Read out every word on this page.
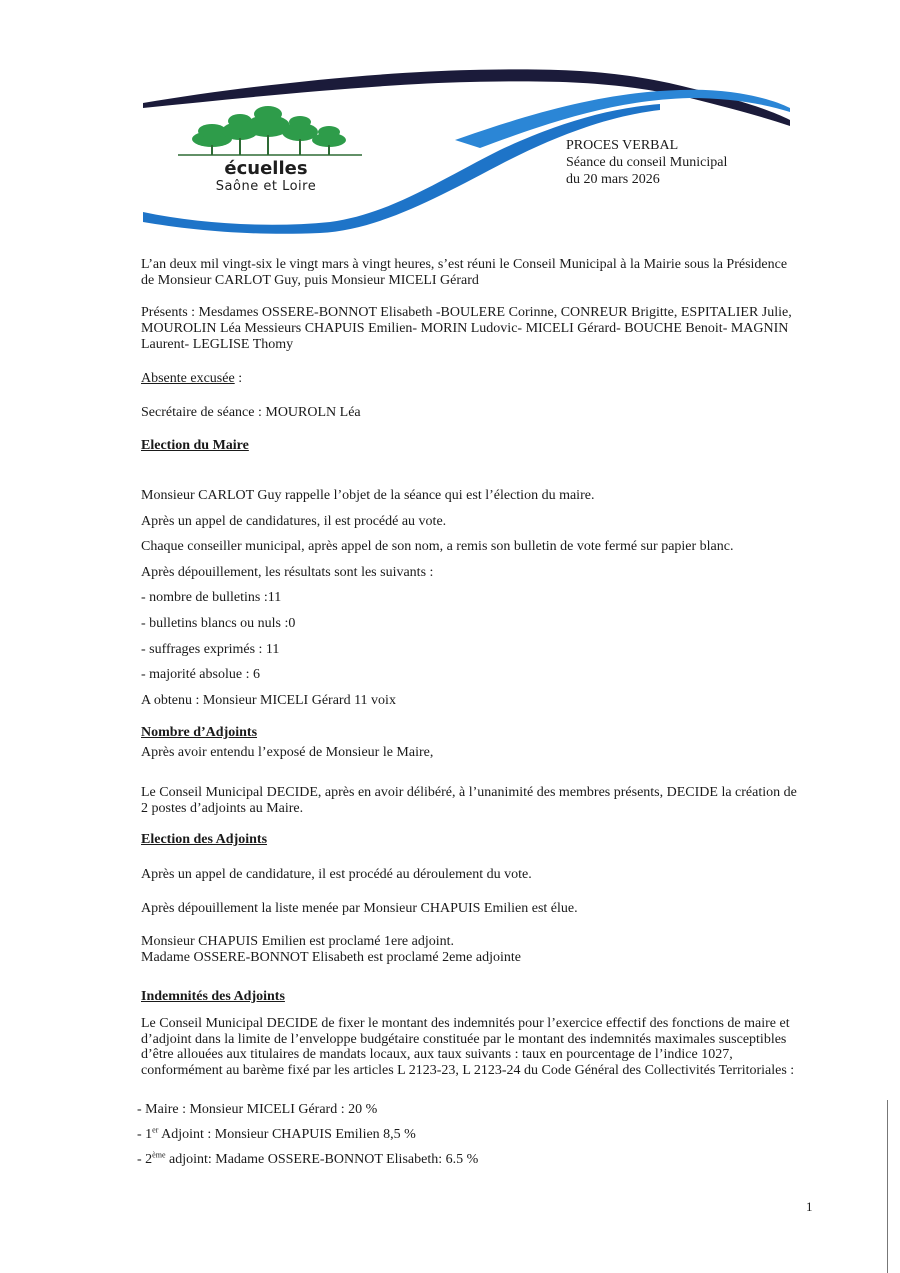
écuelles
Saône et Loire
PROCES VERBAL
Séance du conseil Municipal
du 20 mars 2026
L’an deux mil vingt-six le vingt mars à vingt heures, s’est réuni le Conseil Municipal à la Mairie sous la Présidence
de Monsieur CARLOT Guy, puis Monsieur MICELI Gérard
Présents : Mesdames OSSERE-BONNOT Elisabeth -BOULERE Corinne, CONREUR Brigitte, ESPITALIER Julie,
MOUROLIN Léa Messieurs CHAPUIS Emilien- MORIN Ludovic- MICELI Gérard- BOUCHE Benoit- MAGNIN
Laurent- LEGLISE Thomy
Absente excusée :
Secrétaire de séance : MOUROLN Léa
Election du Maire
Monsieur CARLOT Guy rappelle l’objet de la séance qui est l’élection du maire.
Après un appel de candidatures, il est procédé au vote.
Chaque conseiller municipal, après appel de son nom, a remis son bulletin de vote fermé sur papier blanc.
Après dépouillement, les résultats sont les suivants :
- nombre de bulletins :11
- bulletins blancs ou nuls :0
- suffrages exprimés : 11
- majorité absolue : 6
A obtenu : Monsieur MICELI Gérard 11 voix
Nombre d’Adjoints
Après avoir entendu l’exposé de Monsieur le Maire,
Le Conseil Municipal DECIDE, après en avoir délibéré, à l’unanimité des membres présents, DECIDE la création de
2 postes d’adjoints au Maire.
Election des Adjoints
Après un appel de candidature, il est procédé au déroulement du vote.
Après dépouillement la liste menée par Monsieur CHAPUIS Emilien est élue.
Monsieur CHAPUIS Emilien est proclamé 1ere adjoint.
Madame OSSERE-BONNOT Elisabeth est proclamé 2eme adjointe
Indemnités des Adjoints
Le Conseil Municipal DECIDE de fixer le montant des indemnités pour l’exercice effectif des fonctions de maire et
d’adjoint dans la limite de l’enveloppe budgétaire constituée par le montant des indemnités maximales susceptibles
d’être allouées aux titulaires de mandats locaux, aux taux suivants : taux en pourcentage de l’indice 1027,
conformément au barème fixé par les articles L 2123-23, L 2123-24 du Code Général des Collectivités Territoriales :
- Maire : Monsieur MICELI Gérard : 20 %
- 1er Adjoint : Monsieur CHAPUIS Emilien 8,5 %
- 2ème adjoint: Madame OSSERE-BONNOT Elisabeth: 6.5 %
1
